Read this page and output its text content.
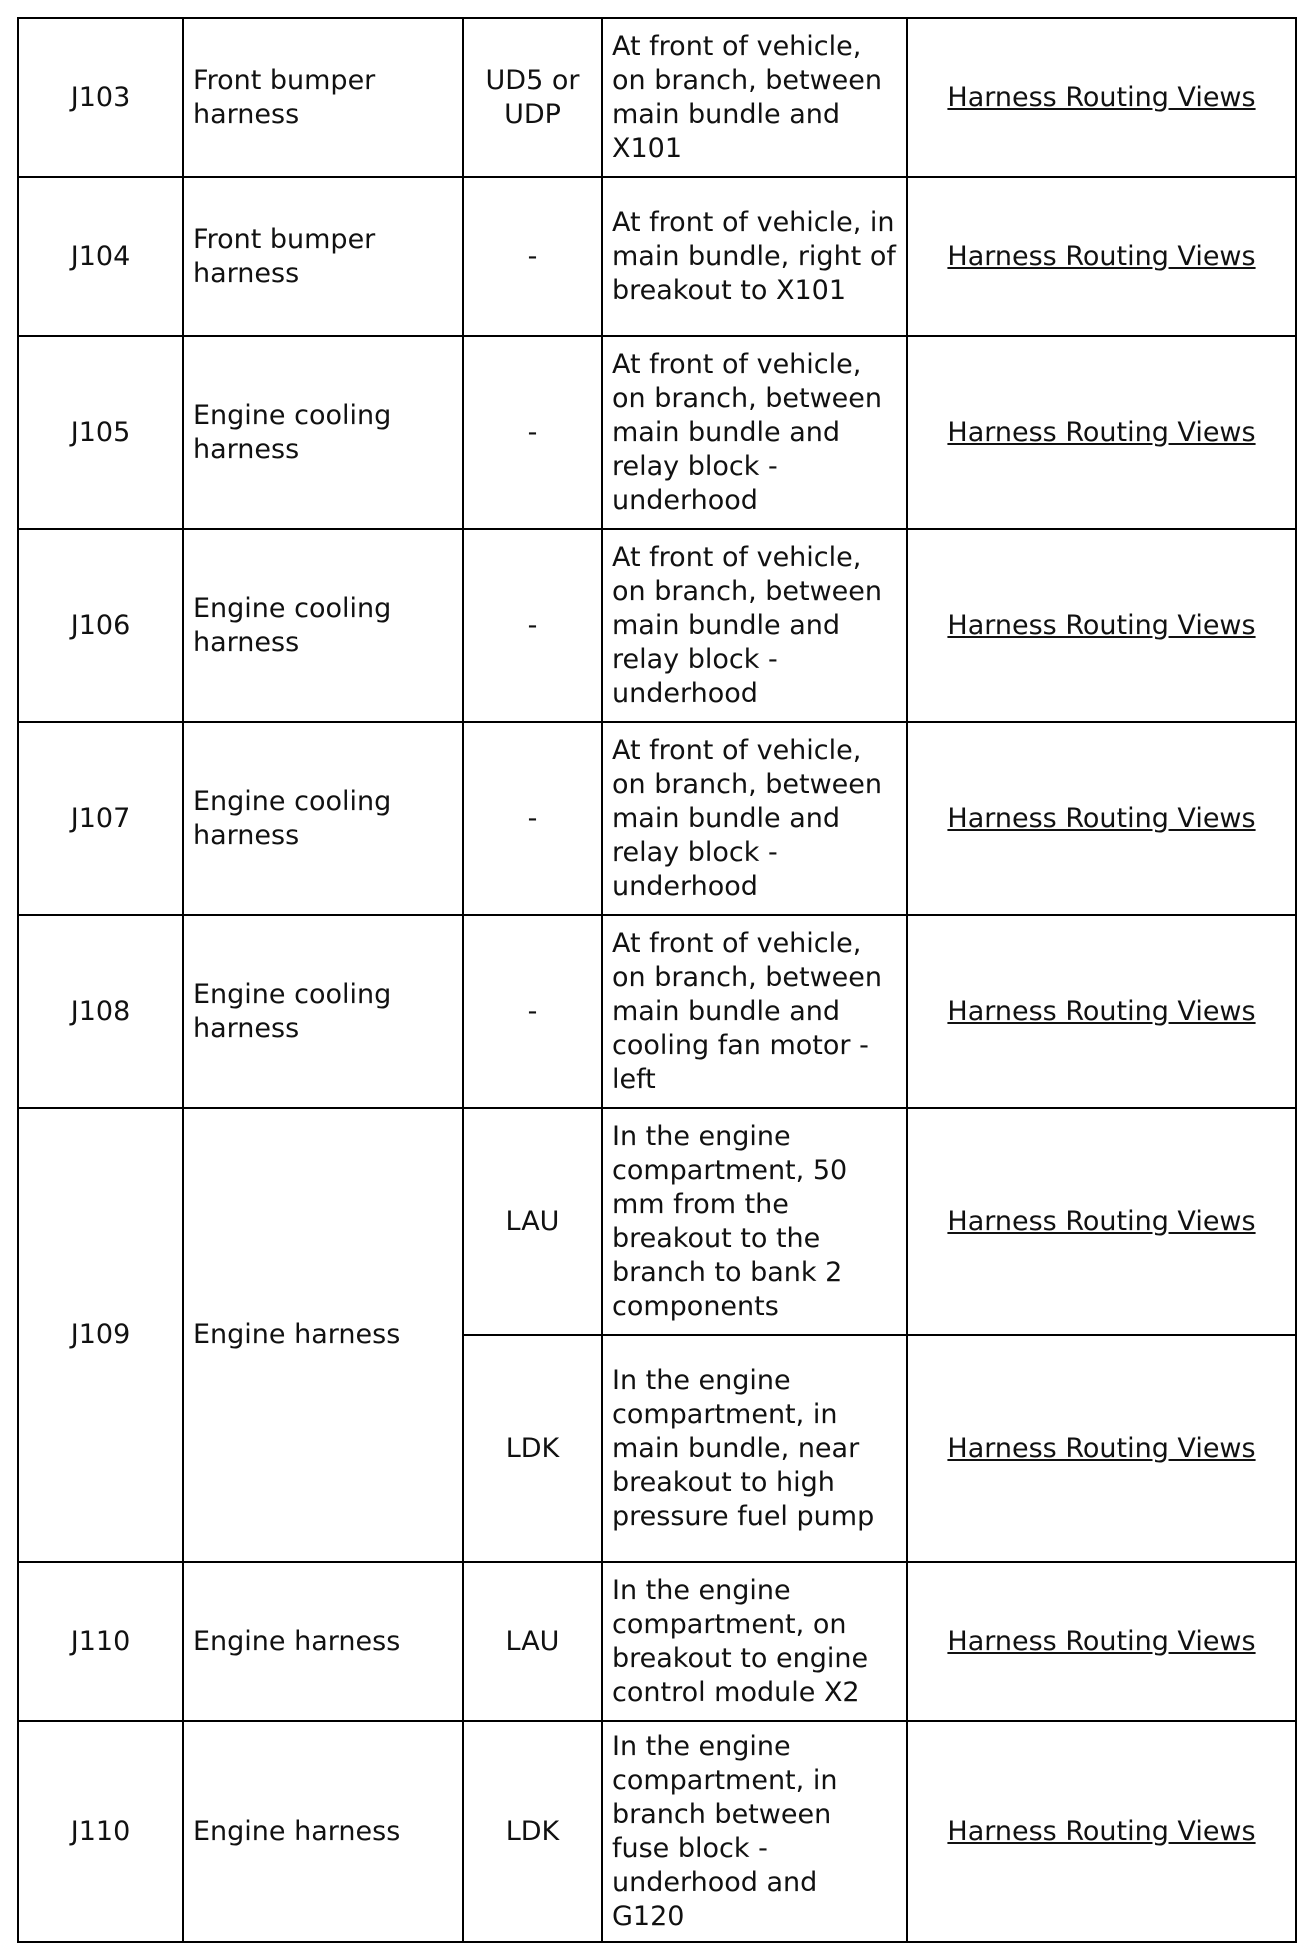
J103	Front bumper harness	UD5 or UDP	At front of vehicle, on branch, between main bundle and X101	Harness Routing Views
J104	Front bumper harness	-	At front of vehicle, in main bundle, right of breakout to X101	Harness Routing Views
J105	Engine cooling harness	-	At front of vehicle, on branch, between main bundle and relay block - underhood	Harness Routing Views
J106	Engine cooling harness	-	At front of vehicle, on branch, between main bundle and relay block - underhood	Harness Routing Views
J107	Engine cooling harness	-	At front of vehicle, on branch, between main bundle and relay block - underhood	Harness Routing Views
J108	Engine cooling harness	-	At front of vehicle, on branch, between main bundle and cooling fan motor - left	Harness Routing Views
J109	Engine harness	LAU	In the engine compartment, 50 mm from the breakout to the branch to bank 2 components	Harness Routing Views
		LDK	In the engine compartment, in main bundle, near breakout to high pressure fuel pump	Harness Routing Views
J110	Engine harness	LAU	In the engine compartment, on breakout to engine control module X2	Harness Routing Views
J110	Engine harness	LDK	In the engine compartment, in branch between fuse block - underhood and G120	Harness Routing Views
